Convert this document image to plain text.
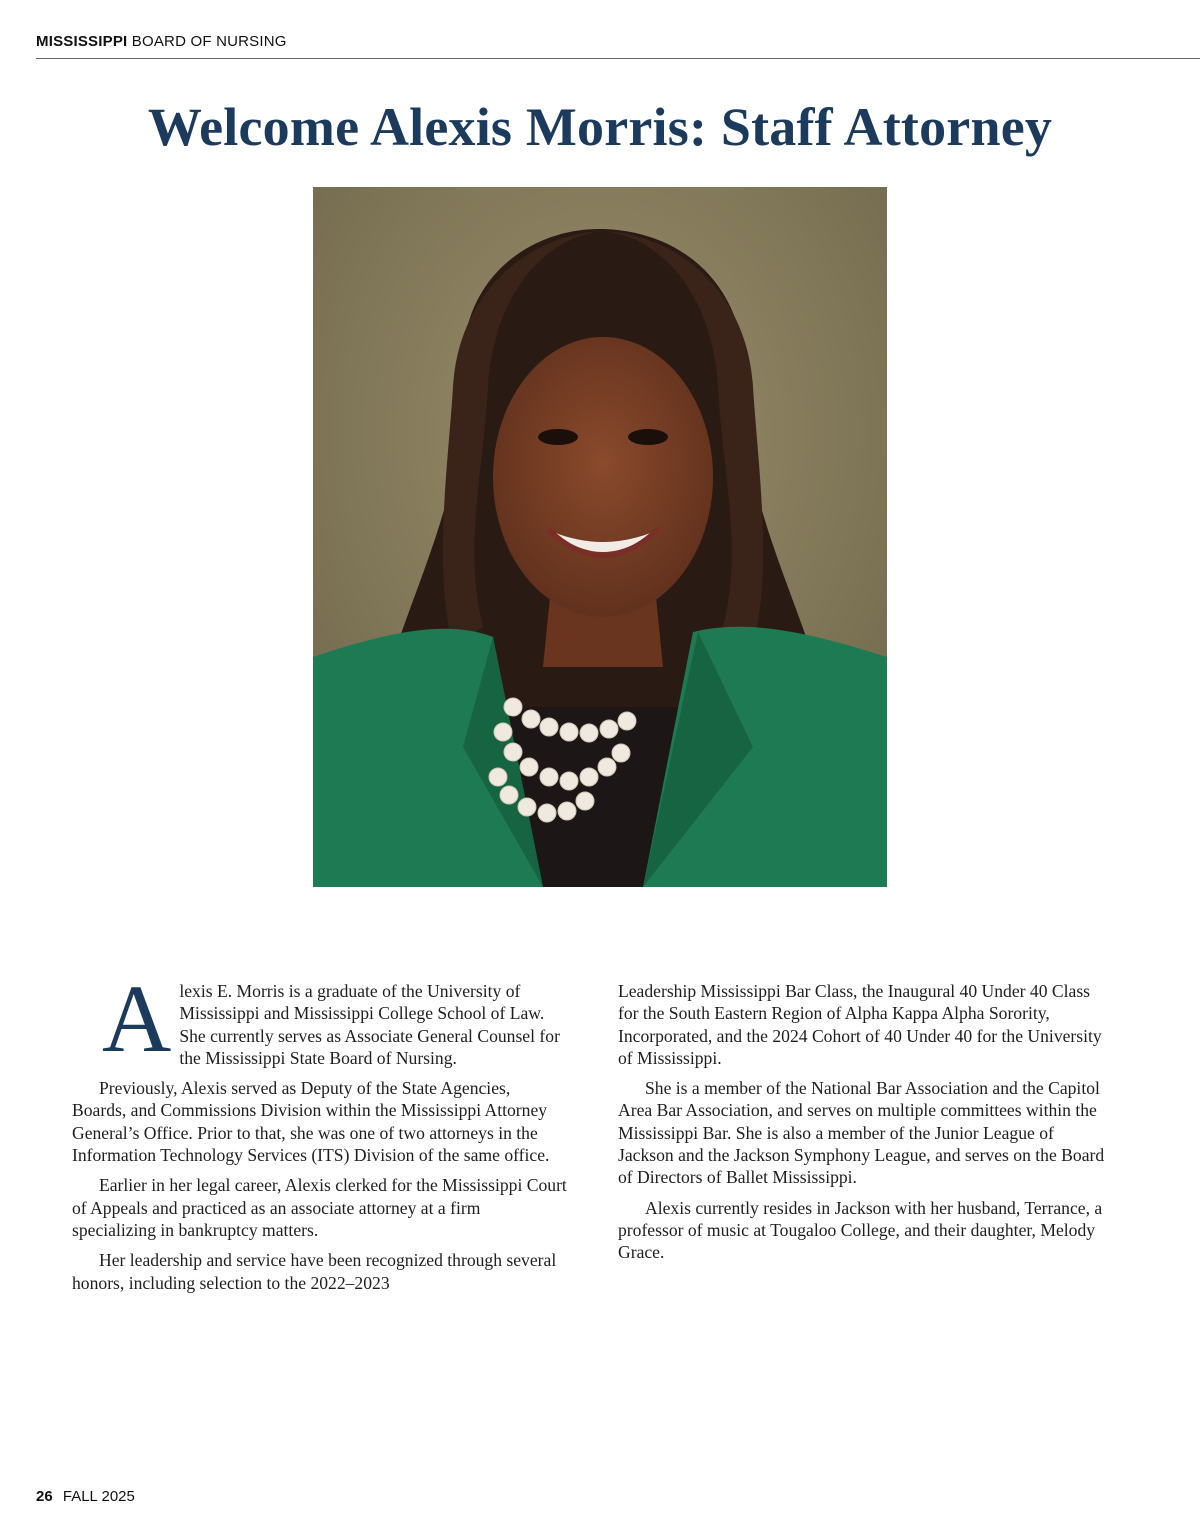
MISSISSIPPI BOARD OF NURSING
Welcome Alexis Morris: Staff Attorney

Alexis E. Morris is a graduate of the University of Mississippi and Mississippi College School of Law. She currently serves as Associate General Counsel for the Mississippi State Board of Nursing.

Previously, Alexis served as Deputy of the State Agencies, Boards, and Commissions Division within the Mississippi Attorney General’s Office. Prior to that, she was one of two attorneys in the Information Technology Services (ITS) Division of the same office.

Earlier in her legal career, Alexis clerked for the Mississippi Court of Appeals and practiced as an associate attorney at a firm specializing in bankruptcy matters.

Her leadership and service have been recognized through several honors, including selection to the 2022–2023

Leadership Mississippi Bar Class, the Inaugural 40 Under 40 Class for the South Eastern Region of Alpha Kappa Alpha Sorority, Incorporated, and the 2024 Cohort of 40 Under 40 for the University of Mississippi.

She is a member of the National Bar Association and the Capitol Area Bar Association, and serves on multiple committees within the Mississippi Bar. She is also a member of the Junior League of Jackson and the Jackson Symphony League, and serves on the Board of Directors of Ballet Mississippi.

Alexis currently resides in Jackson with her husband, Terrance, a professor of music at Tougaloo College, and their daughter, Melody Grace.

26 FALL 2025
